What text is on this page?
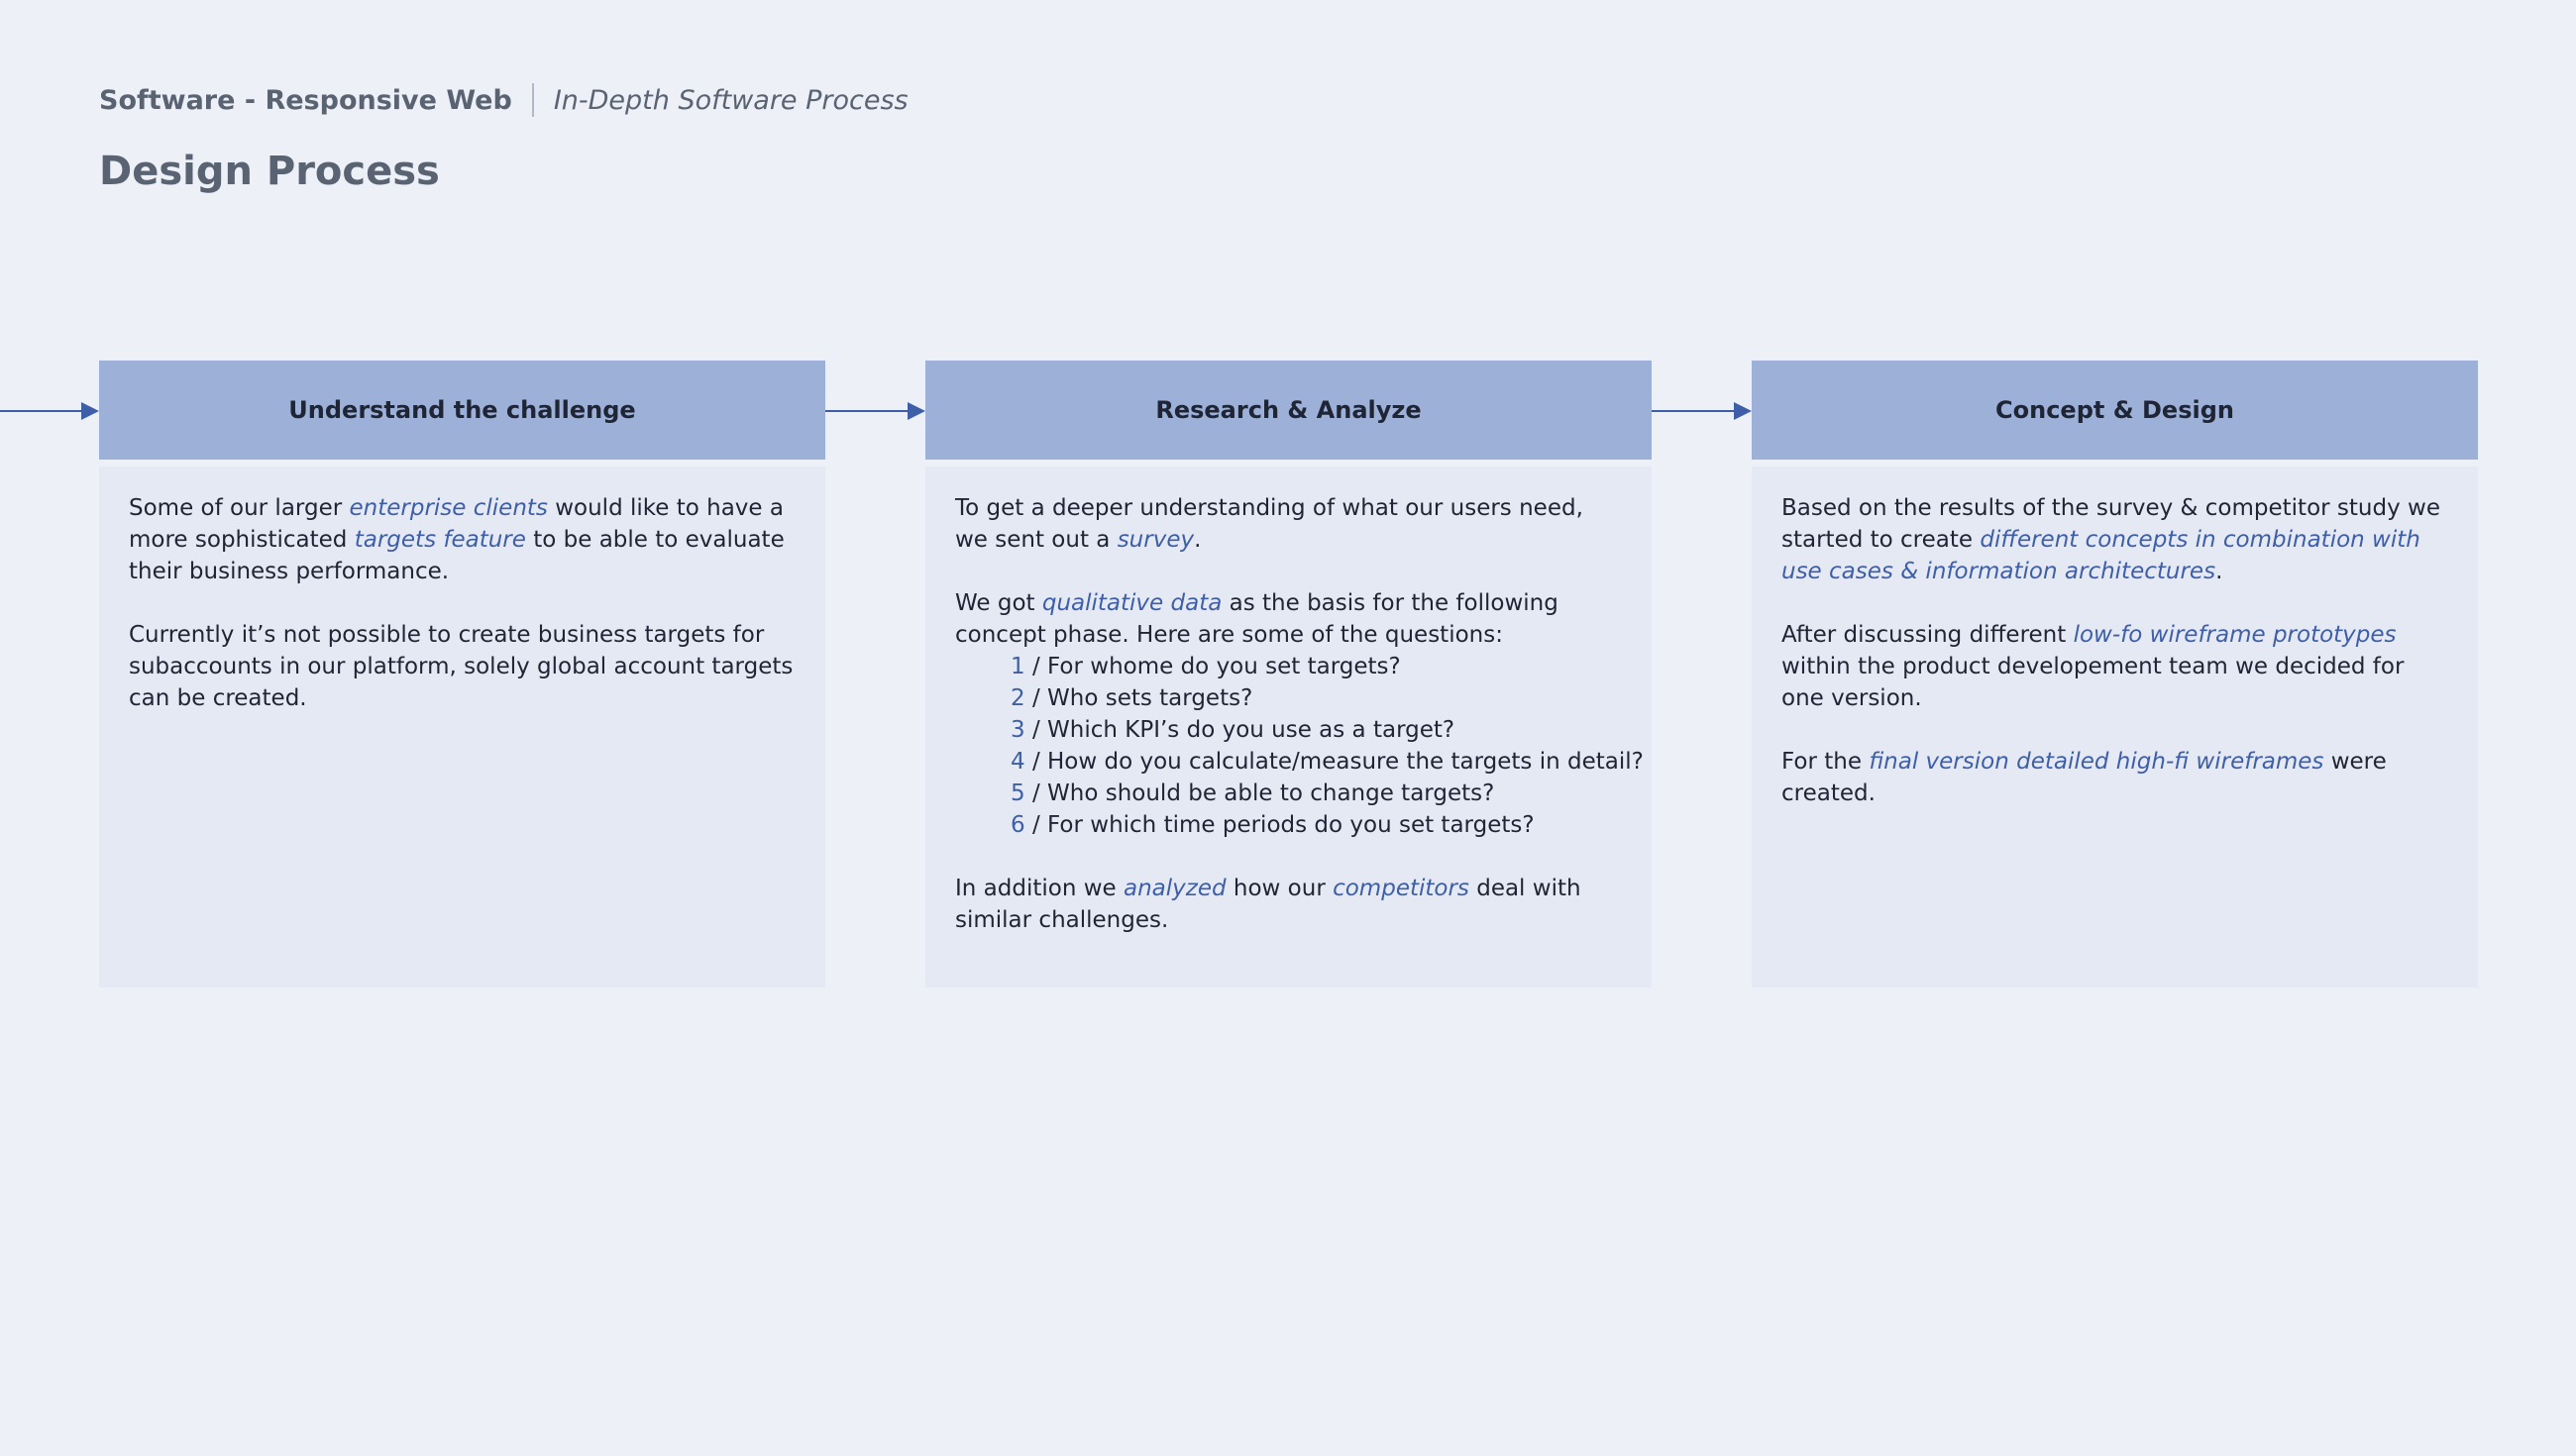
Software - Responsive Web In-Depth Software Process
Design Process
Understand the challenge

Some of our larger enterprise clients would like to have a more sophisticated targets feature to be able to evaluate their business performance.

Currently it’s not possible to create business targets for subaccounts in our platform, solely global account targets can be created.

Research & Analyze

To get a deeper understanding of what our users need, we sent out a survey.

We got qualitative data as the basis for the following concept phase. Here are some of the questions:

1 / For whome do you set targets?
2 / Who sets targets?
3 / Which KPI’s do you use as a target?
4 / How do you calculate/measure the targets in detail?
5 / Who should be able to change targets?
6 / For which time periods do you set targets?

In addition we analyzed how our competitors deal with similar challenges.

Concept & Design

Based on the results of the survey & competitor study we started to create different concepts in combination with use cases & information architectures.

After discussing different low-fo wireframe prototypes within the product developement team we decided for one version.

For the final version detailed high-fi wireframes were created.
